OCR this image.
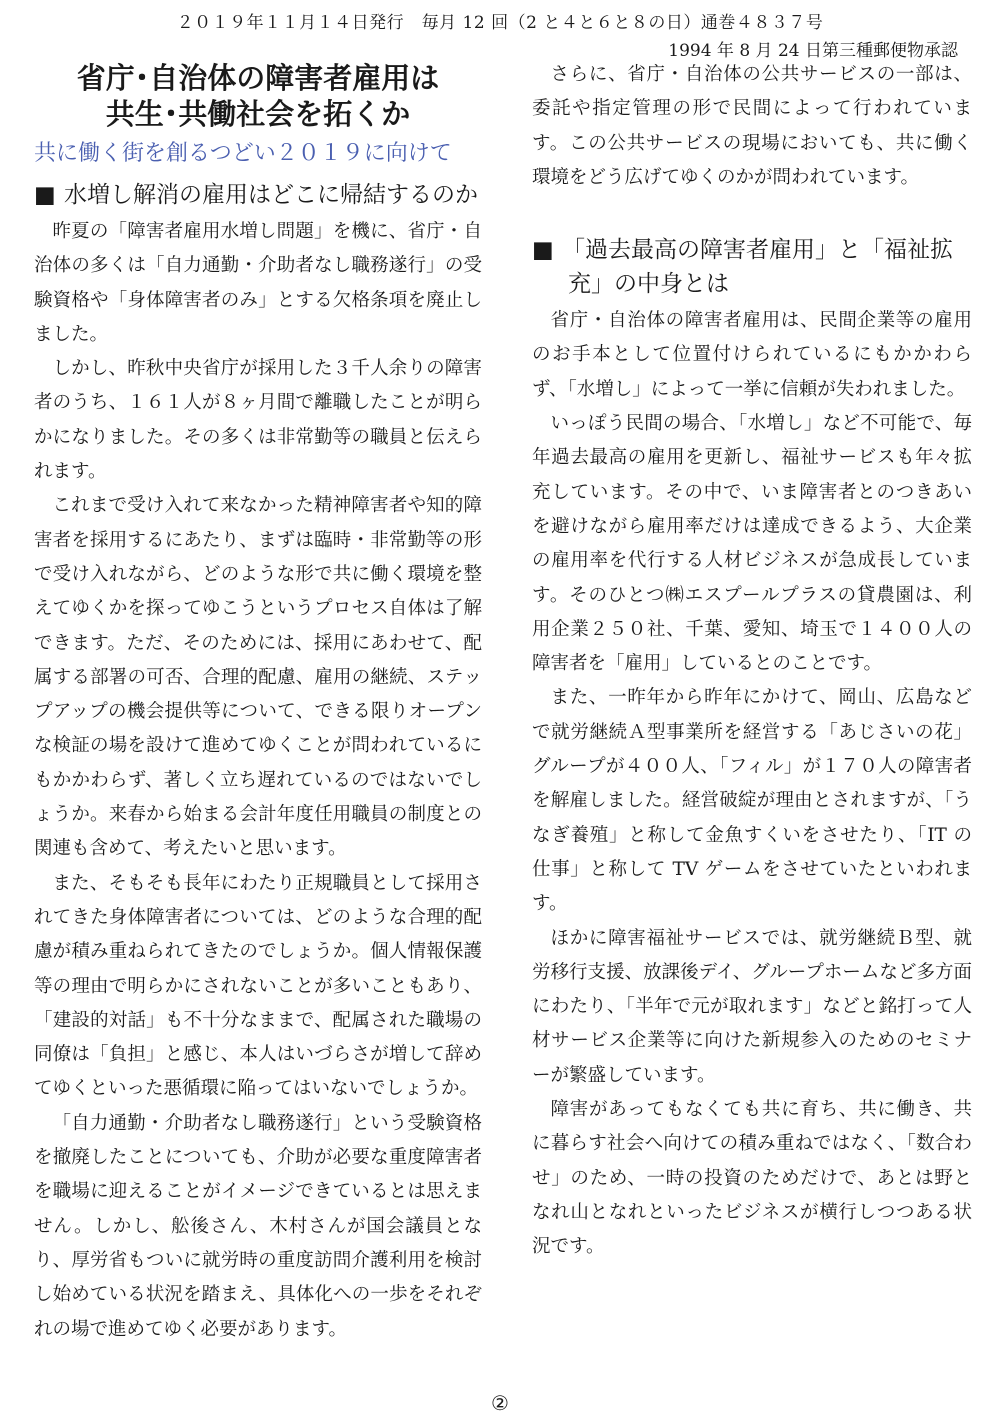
２０１９年１１月１４日発行　毎月 12 回（2 と４と６と８の日）通巻４８３７号
1994 年 8 月 24 日第三種郵便物承認
省庁･自治体の障害者雇用は
共生･共働社会を拓くか
共に働く街を創るつどい２０１９に向けて
■ 水増し解消の雇用はどこに帰結するのか

昨夏の「障害者雇用水増し問題」を機に、省庁・自治体の多くは「自力通勤・介助者なし職務遂行」の受験資格や「身体障害者のみ」とする欠格条項を廃止しました。

しかし、昨秋中央省庁が採用した３千人余りの障害者のうち、１６１人が８ヶ月間で離職したことが明らかになりました。その多くは非常勤等の職員と伝えられます。

これまで受け入れて来なかった精神障害者や知的障害者を採用するにあたり、まずは臨時・非常勤等の形で受け入れながら、どのような形で共に働く環境を整えてゆくかを探ってゆこうというプロセス自体は了解できます。ただ、そのためには、採用にあわせて、配属する部署の可否、合理的配慮、雇用の継続、ステップアップの機会提供等について、できる限りオープンな検証の場を設けて進めてゆくことが問われているにもかかわらず、著しく立ち遅れているのではないでしょうか。来春から始まる会計年度任用職員の制度との関連も含めて、考えたいと思います。

また、そもそも長年にわたり正規職員として採用されてきた身体障害者については、どのような合理的配慮が積み重ねられてきたのでしょうか。個人情報保護等の理由で明らかにされないことが多いこともあり、「建設的対話」も不十分なままで、配属された職場の同僚は「負担」と感じ、本人はいづらさが増して辞めてゆくといった悪循環に陥ってはいないでしょうか。

「自力通勤・介助者なし職務遂行」という受験資格を撤廃したことについても、介助が必要な重度障害者を職場に迎えることがイメージできているとは思えません。しかし、舩後さん、木村さんが国会議員となり、厚労省もついに就労時の重度訪問介護利用を検討し始めている状況を踏まえ、具体化への一歩をそれぞれの場で進めてゆく必要があります。

さらに、省庁・自治体の公共サービスの一部は、委託や指定管理の形で民間によって行われています。この公共サービスの現場においても、共に働く環境をどう広げてゆくのかが問われています。

■ 「過去最高の障害者雇用」と「福祉拡充」の中身とは

省庁・自治体の障害者雇用は、民間企業等の雇用のお手本として位置付けられているにもかかわらず、「水増し」によって一挙に信頼が失われました。

いっぽう民間の場合、「水増し」など不可能で、毎年過去最高の雇用を更新し、福祉サービスも年々拡充しています。その中で、いま障害者とのつきあいを避けながら雇用率だけは達成できるよう、大企業の雇用率を代行する人材ビジネスが急成長しています。そのひとつ㈱エスプールプラスの貸農園は、利用企業２５０社、千葉、愛知、埼玉で１４００人の障害者を「雇用」しているとのことです。

また、一昨年から昨年にかけて、岡山、広島などで就労継続Ａ型事業所を経営する「あじさいの花」グループが４００人、「フィル」が１７０人の障害者を解雇しました。経営破綻が理由とされますが、「うなぎ養殖」と称して金魚すくいをさせたり、「IT の仕事」と称して TV ゲームをさせていたといわれます。

ほかに障害福祉サービスでは、就労継続Ｂ型、就労移行支援、放課後デイ、グループホームなど多方面にわたり、「半年で元が取れます」などと銘打って人材サービス企業等に向けた新規参入のためのセミナーが繁盛しています。

障害があってもなくても共に育ち、共に働き、共に暮らす社会へ向けての積み重ねではなく、「数合わせ」のため、一時の投資のためだけで、あとは野となれ山となれといったビジネスが横行しつつある状況です。

②
